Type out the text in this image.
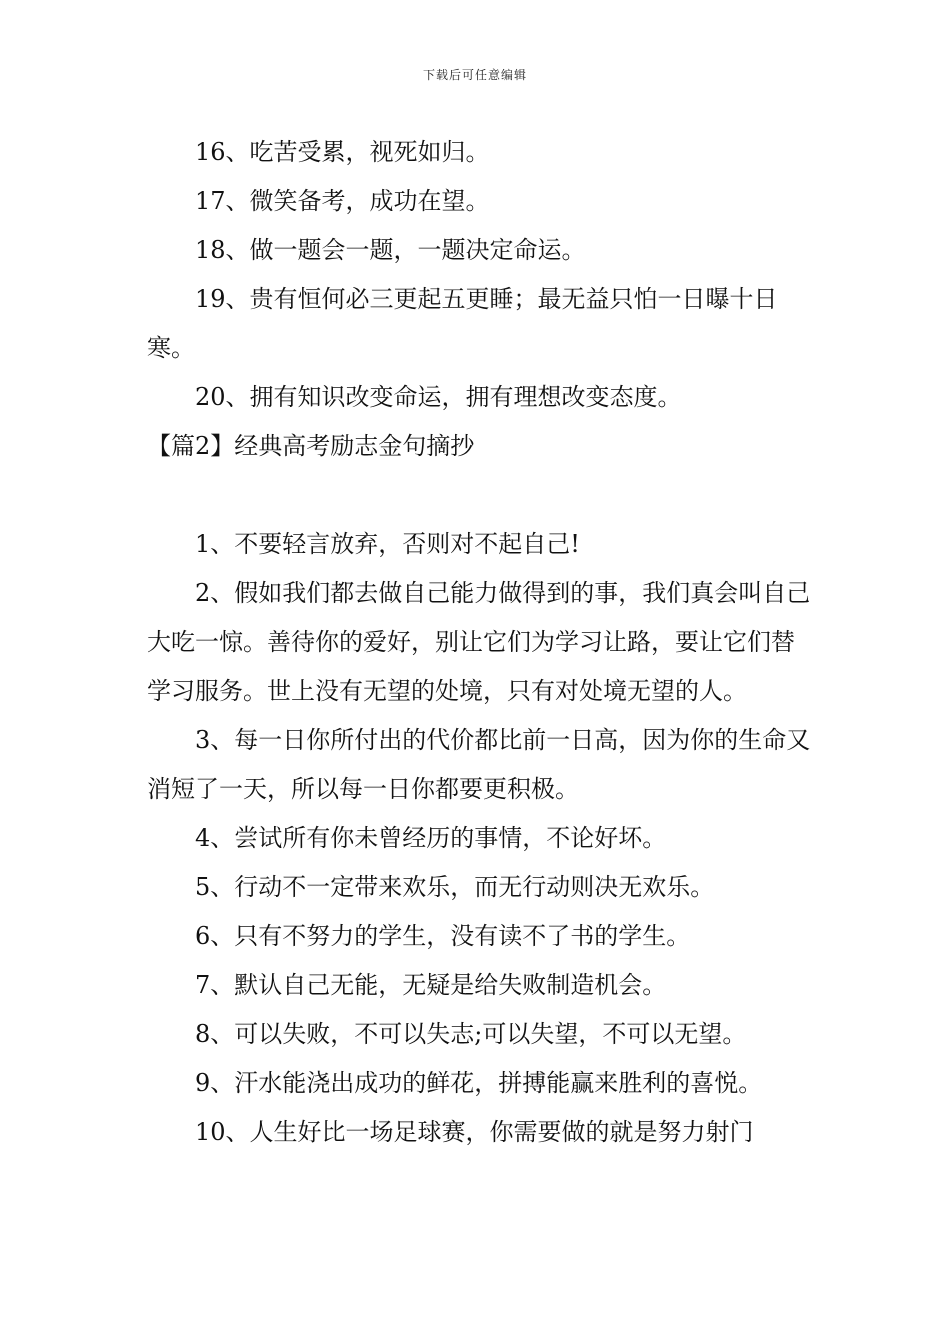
下载后可任意编辑

16、吃苦受累，视死如归。

17、微笑备考，成功在望。

18、做一题会一题，一题决定命运。

19、贵有恒何必三更起五更睡；最无益只怕一日曝十日寒。

20、拥有知识改变命运，拥有理想改变态度。

【篇2】经典高考励志金句摘抄

1、不要轻言放弃，否则对不起自己!

2、假如我们都去做自己能力做得到的事，我们真会叫自己大吃一惊。善待你的爱好，别让它们为学习让路，要让它们替学习服务。世上没有无望的处境，只有对处境无望的人。

3、每一日你所付出的代价都比前一日高，因为你的生命又消短了一天，所以每一日你都要更积极。

4、尝试所有你未曾经历的事情，不论好坏。

5、行动不一定带来欢乐，而无行动则决无欢乐。

6、只有不努力的学生，没有读不了书的学生。

7、默认自己无能，无疑是给失败制造机会。

8、可以失败，不可以失志;可以失望，不可以无望。

9、汗水能浇出成功的鲜花，拼搏能赢来胜利的喜悦。

10、人生好比一场足球赛，你需要做的就是努力射门
